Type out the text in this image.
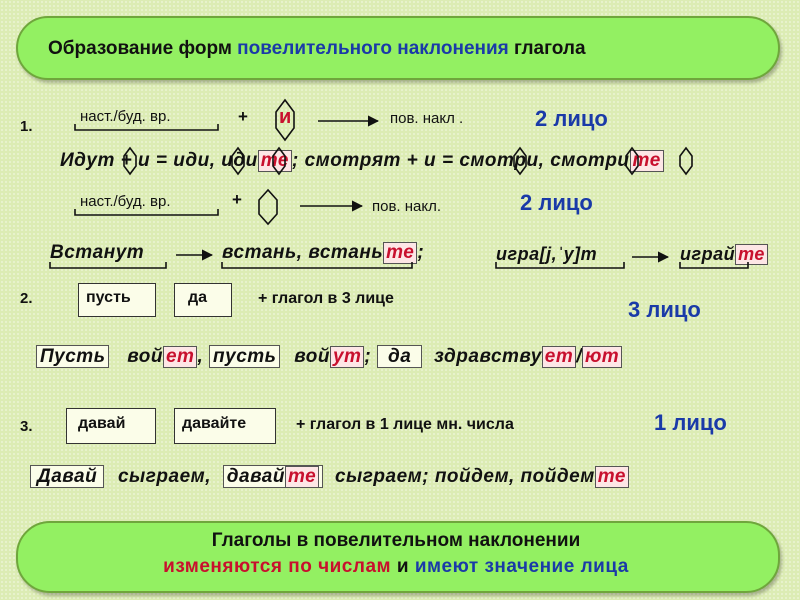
Образование форм повелительного наклонения глагола
1.
наст./буд. вр.	+ и	пов. накл .	2 лицо
Идут + и = иди, иди те ; смотрят + и = смотри, смотри те
наст./буд. вр.	+	пов. накл.	2 лицо
Встанут	встань, встань те ;	игра[j,ˈу]т	играй те
2.	пусть	да	+ глагол в 3 лице	3 лицо
Пусть вой ет , пусть вой ут ; да здравству ет / ют
3.	давай	давайте	+ глагол в 1 лице мн. числа	1 лицо
Давай сыграем, давай те сыграем; пойдем, пойдем те
Глаголы в повелительном наклонении
изменяются по числам и имеют значение лица
